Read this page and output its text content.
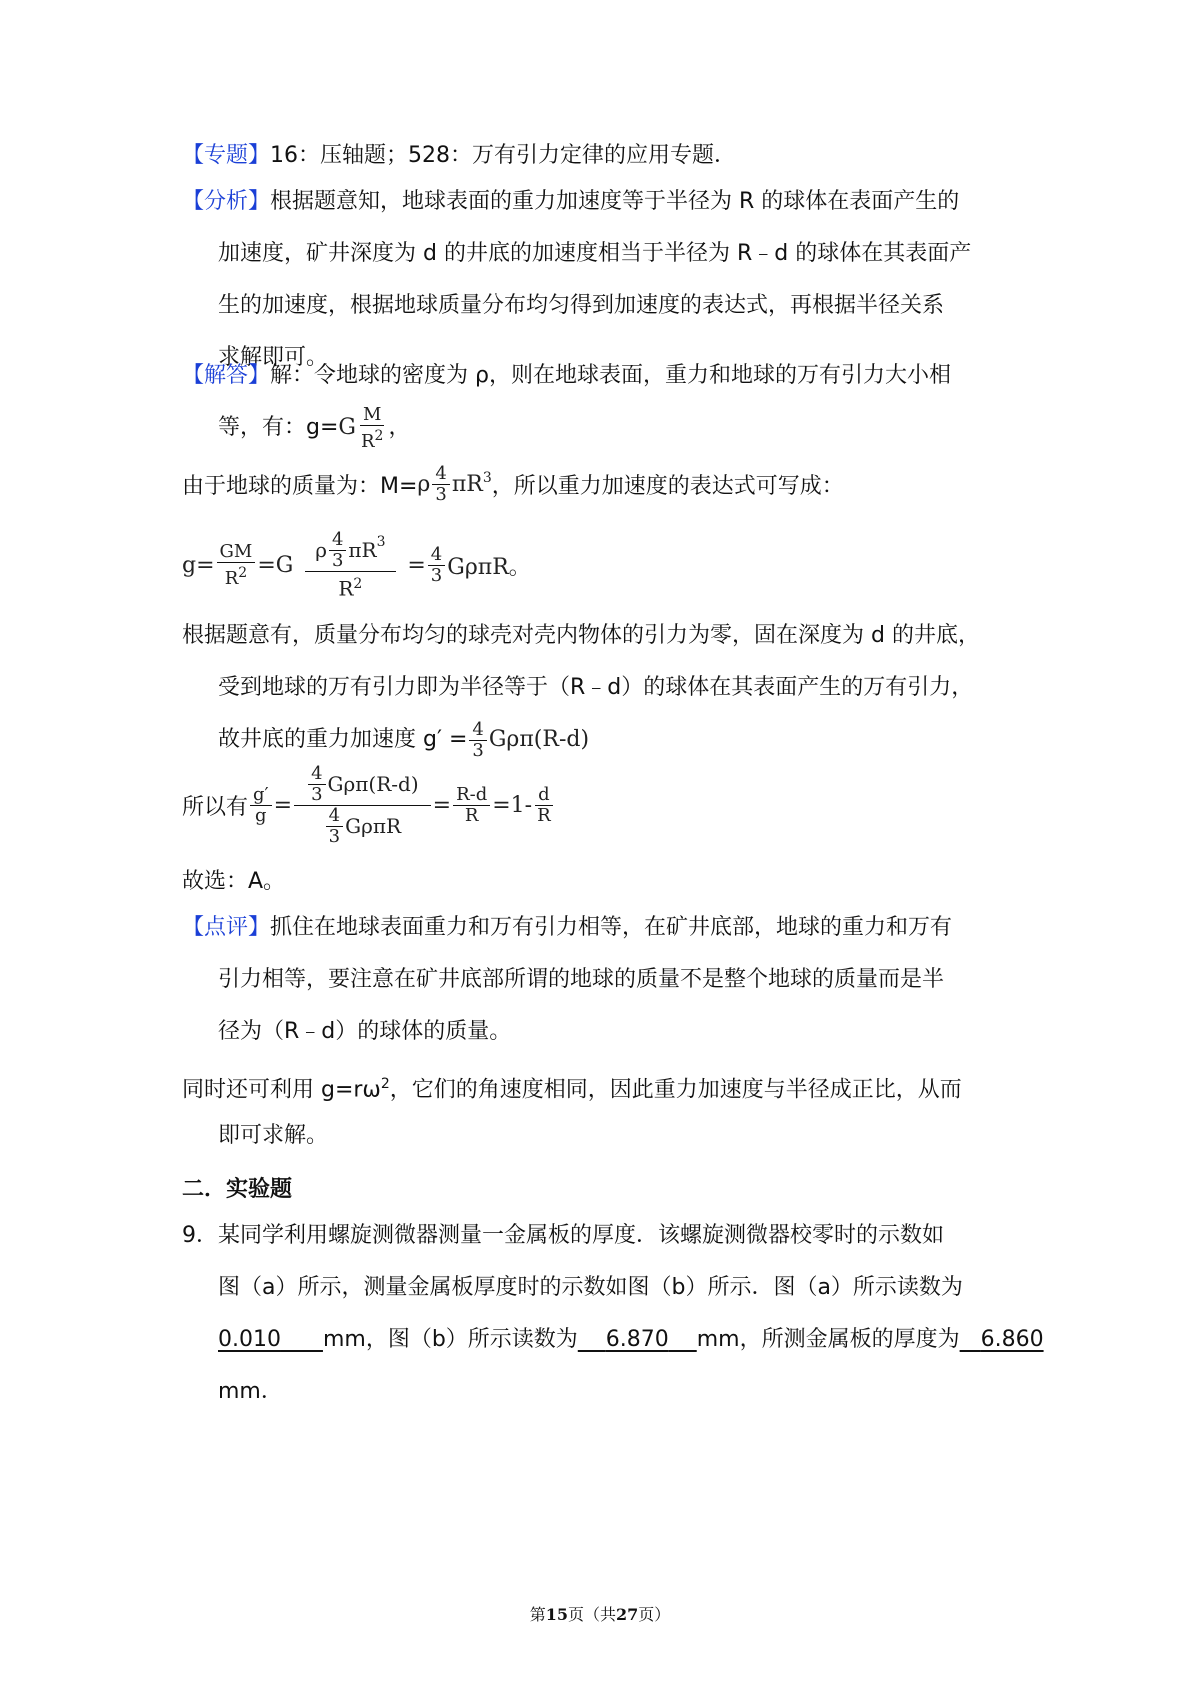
【专题】16：压轴题；528：万有引力定律的应用专题．
【分析】根据题意知，地球表面的重力加速度等于半径为 R 的球体在表面产生的
加速度，矿井深度为 d 的井底的加速度相当于半径为 R﹣d 的球体在其表面产
生的加速度，根据地球质量分布均匀得到加速度的表达式，再根据半径关系
求解即可。
【解答】解：令地球的密度为 ρ，则在地球表面，重力和地球的万有引力大小相
等，有：g= G $\frac{M}{R^2}$ ，
由于地球的质量为：M= ρ $\frac{4}{3} \pi R^3$ ，所以重力加速度的表达式可写成：
$g= \frac{GM}{R^2} =G \frac{\rho \frac{4}{3} \pi R^3}{R^2} = \frac{4}{3}$ GρπR。
根据题意有，质量分布均匀的球壳对壳内物体的引力为零，固在深度为 d 的井底，
受到地球的万有引力即为半径等于（R﹣d）的球体在其表面产生的万有引力，
故井底的重力加速度 $g' = \frac{4}{3} G\rho\pi(R-d)$
所以有 $\frac{g'}{g} = \frac{\frac{4}{3} G\rho\pi(R-d)}{\frac{4}{3} G\rho\pi R} = \frac{R-d}{R} =1- \frac{d}{R}$
故选：A。
【点评】抓住在地球表面重力和万有引力相等，在矿井底部，地球的重力和万有
引力相等，要注意在矿井底部所谓的地球的质量不是整个地球的质量而是半
径为（R﹣d）的球体的质量。
同时还可利用 $g=r\omega^2$，它们的角速度相同，因此重力加速度与半径成正比，从而
即可求解。
二．实验题
9．某同学利用螺旋测微器测量一金属板的厚度．该螺旋测微器校零时的示数如
图（a）所示，测量金属板厚度时的示数如图（b）所示．图（a）所示读数为
0.010 mm，图（b）所示读数为 6.870 mm，所测金属板的厚度为 6.860
mm．
第15页（共27页）
